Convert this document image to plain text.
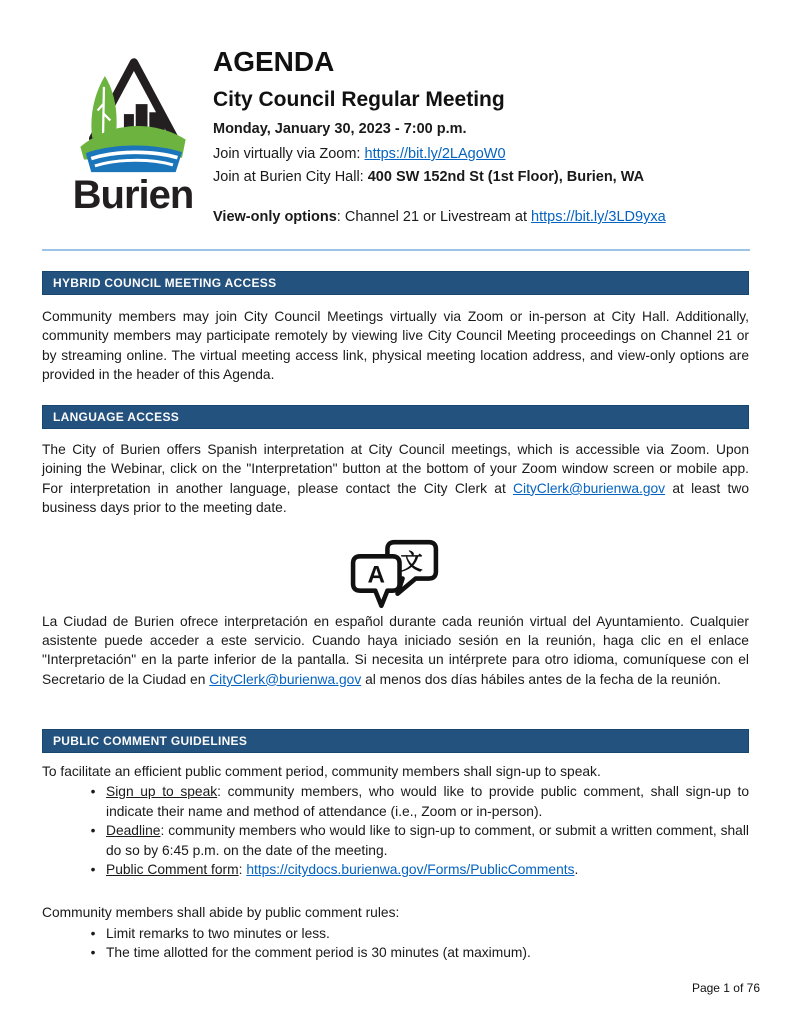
Burien
AGENDA
City Council Regular Meeting
Monday, January 30, 2023 - 7:00 p.m.
Join virtually via Zoom: https://bit.ly/2LAgoW0
Join at Burien City Hall: 400 SW 152nd St (1st Floor), Burien, WA
View-only options: Channel 21 or Livestream at https://bit.ly/3LD9yxa
HYBRID COUNCIL MEETING ACCESS
Community members may join City Council Meetings virtually via Zoom or in-person at City Hall. Additionally, community members may participate remotely by viewing live City Council Meeting proceedings on Channel 21 or by streaming online. The virtual meeting access link, physical meeting location address, and view-only options are provided in the header of this Agenda.
LANGUAGE ACCESS
The City of Burien offers Spanish interpretation at City Council meetings, which is accessible via Zoom. Upon joining the Webinar, click on the "Interpretation" button at the bottom of your Zoom window screen or mobile app. For interpretation in another language, please contact the City Clerk at CityClerk@burienwa.gov at least two business days prior to the meeting date.
文
A
La Ciudad de Burien ofrece interpretación en español durante cada reunión virtual del Ayuntamiento. Cualquier asistente puede acceder a este servicio. Cuando haya iniciado sesión en la reunión, haga clic en el enlace "Interpretación" en la parte inferior de la pantalla. Si necesita un intérprete para otro idioma, comuníquese con el Secretario de la Ciudad en CityClerk@burienwa.gov al menos dos días hábiles antes de la fecha de la reunión.
PUBLIC COMMENT GUIDELINES
To facilitate an efficient public comment period, community members shall sign-up to speak.
• Sign up to speak: community members, who would like to provide public comment, shall sign-up to indicate their name and method of attendance (i.e., Zoom or in-person).
• Deadline: community members who would like to sign-up to comment, or submit a written comment, shall do so by 6:45 p.m. on the date of the meeting.
• Public Comment form: https://citydocs.burienwa.gov/Forms/PublicComments.
Community members shall abide by public comment rules:
• Limit remarks to two minutes or less.
• The time allotted for the comment period is 30 minutes (at maximum).
Page 1 of 76
